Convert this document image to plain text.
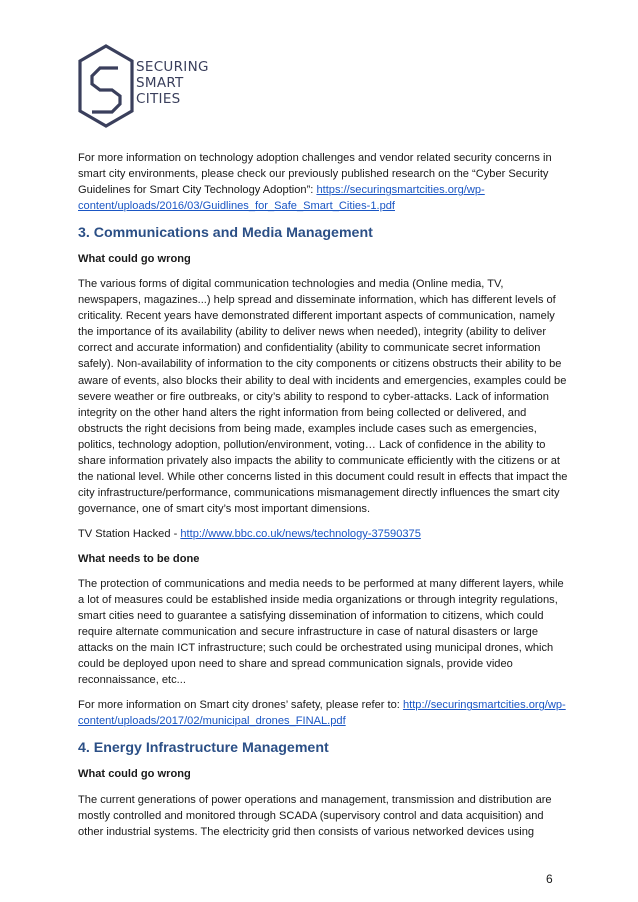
SECURING
SMART
CITIES

For more information on technology adoption challenges and vendor related security concerns in smart city environments, please check our previously published research on the “Cyber Security Guidelines for Smart City Technology Adoption”: https://securingsmartcities.org/wp-content/uploads/2016/03/Guidlines_for_Safe_Smart_Cities-1.pdf

3. Communications and Media Management
What could go wrong

The various forms of digital communication technologies and media (Online media, TV, newspapers, magazines...) help spread and disseminate information, which has different levels of criticality. Recent years have demonstrated different important aspects of communication, namely the importance of its availability (ability to deliver news when needed), integrity (ability to deliver correct and accurate information) and confidentiality (ability to communicate secret information safely). Non-availability of information to the city components or citizens obstructs their ability to be aware of events, also blocks their ability to deal with incidents and emergencies, examples could be severe weather or fire outbreaks, or city’s ability to respond to cyber-attacks. Lack of information integrity on the other hand alters the right information from being collected or delivered, and obstructs the right decisions from being made, examples include cases such as emergencies, politics, technology adoption, pollution/environment, voting… Lack of confidence in the ability to share information privately also impacts the ability to communicate efficiently with the citizens or at the national level. While other concerns listed in this document could result in effects that impact the city infrastructure/performance, communications mismanagement directly influences the smart city governance, one of smart city’s most important dimensions.

TV Station Hacked - http://www.bbc.co.uk/news/technology-37590375

What needs to be done

The protection of communications and media needs to be performed at many different layers, while a lot of measures could be established inside media organizations or through integrity regulations, smart cities need to guarantee a satisfying dissemination of information to citizens, which could require alternate communication and secure infrastructure in case of natural disasters or large attacks on the main ICT infrastructure; such could be orchestrated using municipal drones, which could be deployed upon need to share and spread communication signals, provide video reconnaissance, etc...

For more information on Smart city drones’ safety, please refer to: http://securingsmartcities.org/wp-content/uploads/2017/02/municipal_drones_FINAL.pdf

4. Energy Infrastructure Management
What could go wrong

The current generations of power operations and management, transmission and distribution are mostly controlled and monitored through SCADA (supervisory control and data acquisition) and other industrial systems. The electricity grid then consists of various networked devices using

6
